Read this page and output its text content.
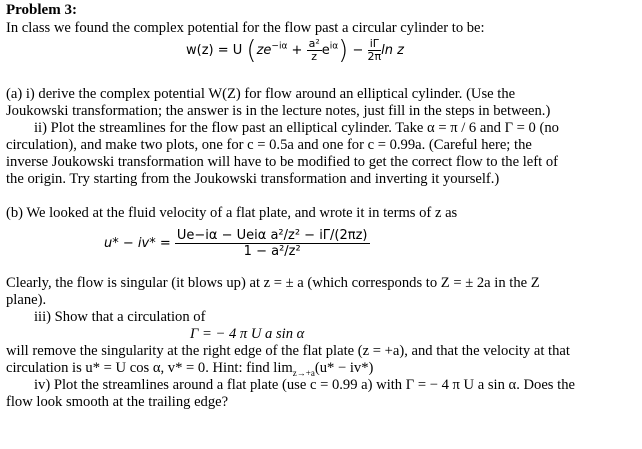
Problem 3:
In class we found the complex potential for the flow past a circular cylinder to be:
w(z) = U $(ze^{-i\alpha} + \frac{\text{a²}}{z} e^{i\alpha}) - \frac{i\Gamma}{2\pi}$ ln z
(a) i) derive the complex potential W(Z) for flow around an elliptical cylinder. (Use the
Joukowski transformation; the answer is in the lecture notes, just fill in the steps in between.)
ii) Plot the streamlines for the flow past an elliptical cylinder. Take α = π / 6 and Γ = 0 (no
circulation), and make two plots, one for c = 0.5a and one for c = 0.99a. (Careful here; the
inverse Joukowski transformation will have to be modified to get the correct flow to the left of
the origin. Try starting from the Joukowski transformation and inverting it yourself.)
(b) We looked at the fluid velocity of a flat plate, and wrote it in terms of z as
$u* - iv* = \frac{\text{Ue−iα − Ueiα a²/z² − iΓ/(2πz)}}{\text{1 − a²/z²}}$
Clearly, the flow is singular (it blows up) at z = ± a (which corresponds to Z = ± 2a in the Z
plane).
iii) Show that a circulation of
Γ = − 4 π U a sin α
will remove the singularity at the right edge of the flat plate (z = +a), and that the velocity at that
circulation is u* = U cos α, v* = 0. Hint: find $\lim_{z\to+a}(u* - iv*)$
iv) Plot the streamlines around a flat plate (use c = 0.99 a) with Γ = − 4 π U a sin α. Does the
flow look smooth at the trailing edge?
